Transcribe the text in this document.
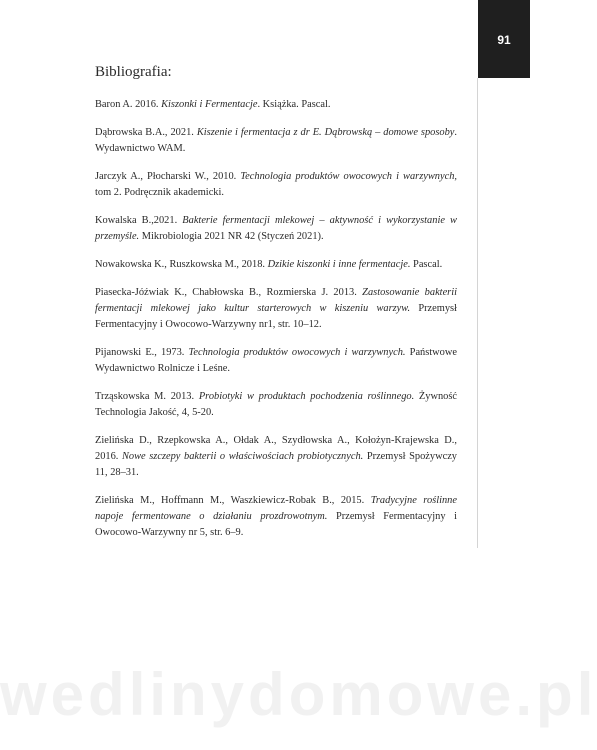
91
Bibliografia:
Baron A. 2016. Kiszonki i Fermentacje. Książka. Pascal.
Dąbrowska B.A., 2021. Kiszenie i fermentacja z dr E. Dąbrowską – domowe sposoby. Wydawnictwo WAM.
Jarczyk A., Płocharski W., 2010. Technologia produktów owocowych i warzywnych, tom 2. Podręcznik akademicki.
Kowalska B.,2021. Bakterie fermentacji mlekowej – aktywność i wykorzystanie w przemyśle. Mikrobiologia 2021 NR 42 (Styczeń 2021).
Nowakowska K., Ruszkowska M., 2018. Dzikie kiszonki i inne fermentacje. Pascal.
Piasecka-Jóźwiak K., Chabłowska B., Rozmierska J. 2013. Zastosowanie bakterii fermentacji mlekowej jako kultur starterowych w kiszeniu warzyw. Przemysł Fermentacyjny i Owocowo-Warzywny nr1, str. 10–12.
Pijanowski E., 1973. Technologia produktów owocowych i warzywnych. Państwowe Wydawnictwo Rolnicze i Leśne.
Trząskowska M. 2013. Probiotyki w produktach pochodzenia roślinnego. Żywność Technologia Jakość, 4, 5-20.
Zielińska D., Rzepkowska A., Ołdak A., Szydłowska A., Kołożyn-Krajewska D., 2016. Nowe szczepy bakterii o właściwościach probiotycznych. Przemysł Spożywczy 11, 28–31.
Zielińska M., Hoffmann M., Waszkiewicz-Robak B., 2015. Tradycyjne roślinne napoje fermentowane o działaniu prozdrowotnym. Przemysł Fermentacyjny i Owocowo-Warzywny nr 5, str. 6–9.
wedlinydomowe.pl
